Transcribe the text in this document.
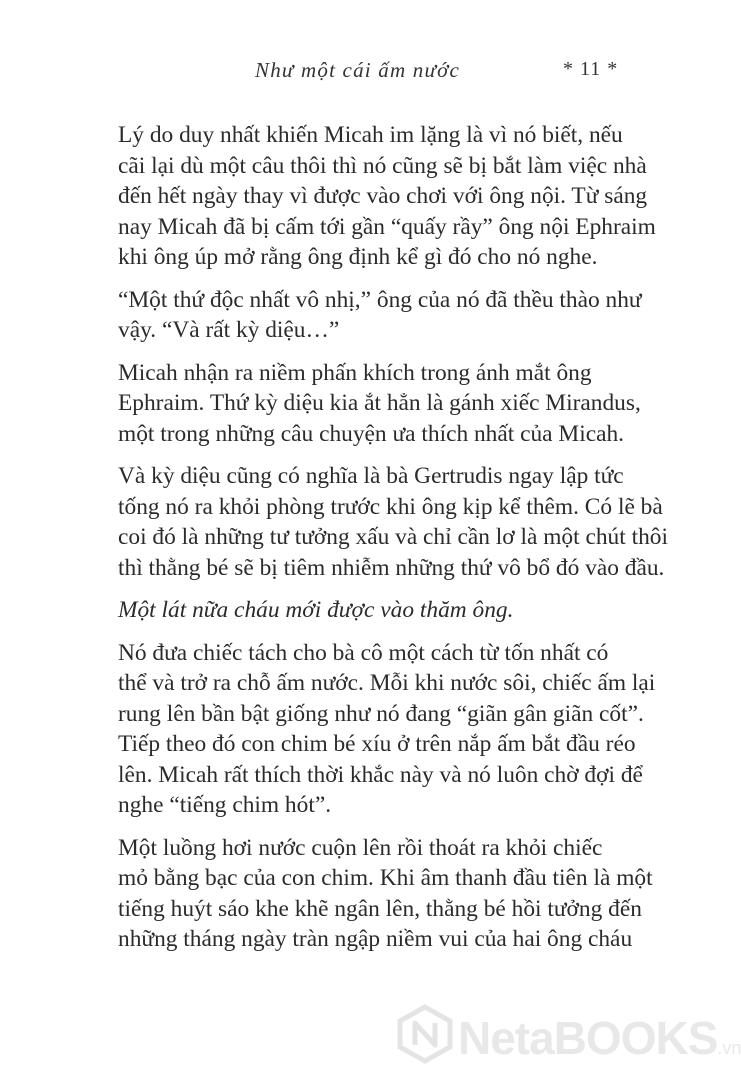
Như một cái ấm nước	* 11 *

Lý do duy nhất khiến Micah im lặng là vì nó biết, nếu
cãi lại dù một câu thôi thì nó cũng sẽ bị bắt làm việc nhà
đến hết ngày thay vì được vào chơi với ông nội. Từ sáng
nay Micah đã bị cấm tới gần “quấy rầy” ông nội Ephraim
khi ông úp mở rằng ông định kể gì đó cho nó nghe.

“Một thứ độc nhất vô nhị,” ông của nó đã thều thào như
vậy. “Và rất kỳ diệu…”

Micah nhận ra niềm phấn khích trong ánh mắt ông
Ephraim. Thứ kỳ diệu kia ắt hẳn là gánh xiếc Mirandus,
một trong những câu chuyện ưa thích nhất của Micah.

Và kỳ diệu cũng có nghĩa là bà Gertrudis ngay lập tức
tống nó ra khỏi phòng trước khi ông kịp kể thêm. Có lẽ bà
coi đó là những tư tưởng xấu và chỉ cần lơ là một chút thôi
thì thằng bé sẽ bị tiêm nhiễm những thứ vô bổ đó vào đầu.

Một lát nữa cháu mới được vào thăm ông.

Nó đưa chiếc tách cho bà cô một cách từ tốn nhất có
thể và trở ra chỗ ấm nước. Mỗi khi nước sôi, chiếc ấm lại
rung lên bần bật giống như nó đang “giãn gân giãn cốt”.
Tiếp theo đó con chim bé xíu ở trên nắp ấm bắt đầu réo
lên. Micah rất thích thời khắc này và nó luôn chờ đợi để
nghe “tiếng chim hót”.

Một luồng hơi nước cuộn lên rồi thoát ra khỏi chiếc
mỏ bằng bạc của con chim. Khi âm thanh đầu tiên là một
tiếng huýt sáo khe khẽ ngân lên, thằng bé hồi tưởng đến
những tháng ngày tràn ngập niềm vui của hai ông cháu

NetaBOOKS.vn
